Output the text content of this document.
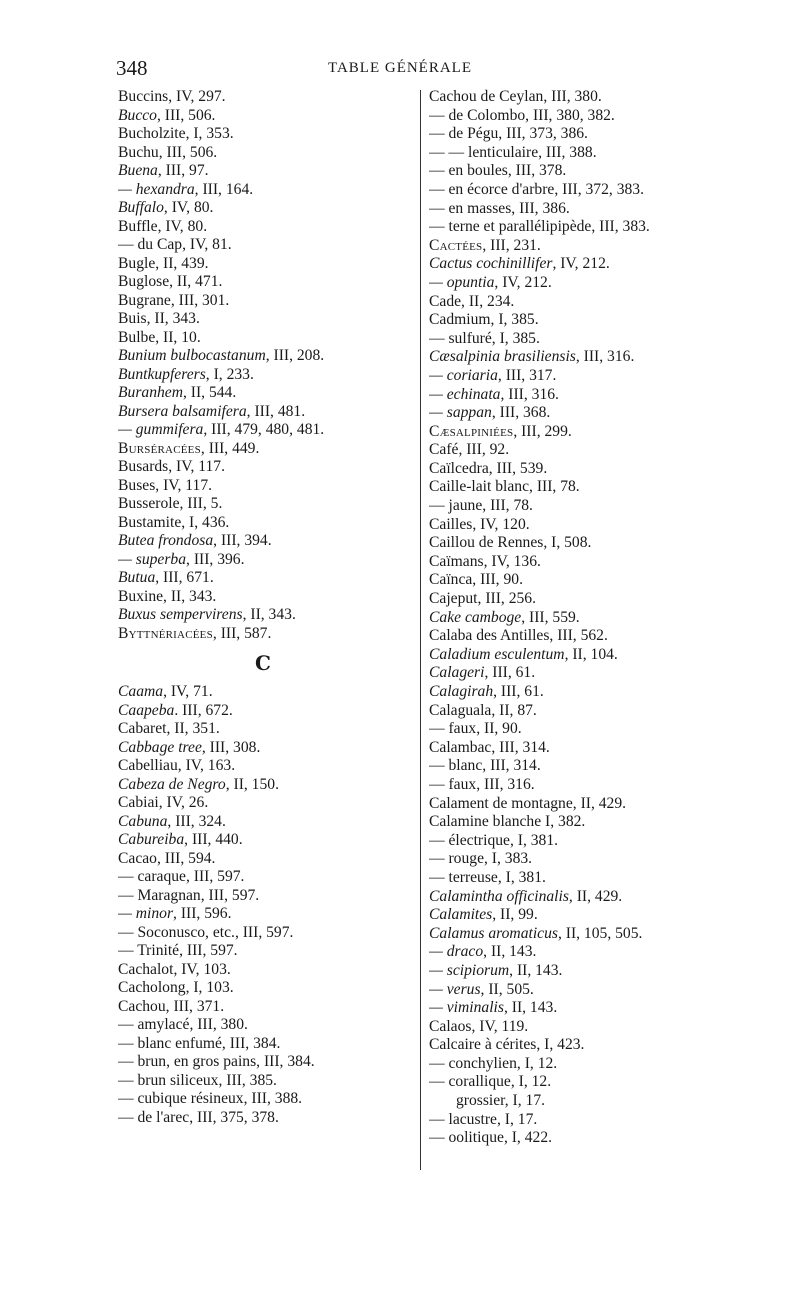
348	TABLE GÉNÉRALE
Buccins, IV, 297.
Bucco, III, 506.
Bucholzite, I, 353.
Buchu, III, 506.
Buena, III, 97.
— hexandra, III, 164.
Buffalo, IV, 80.
Buffle, IV, 80.
— du Cap, IV, 81.
Bugle, II, 439.
Buglose, II, 471.
Bugrane, III, 301.
Buis, II, 343.
Bulbe, II, 10.
Bunium bulbocastanum, III, 208.
Buntkupferers, I, 233.
Buranhem, II, 544.
Bursera balsamifera, III, 481.
— gummifera, III, 479, 480, 481.
Burséracées, III, 449.
Busards, IV, 117.
Buses, IV, 117.
Busserole, III, 5.
Bustamite, I, 436.
Butea frondosa, III, 394.
— superba, III, 396.
Butua, III, 671.
Buxine, II, 343.
Buxus sempervirens, II, 343.
Byttnériacées, III, 587.
C
Caama, IV, 71.
Caapeba. III, 672.
Cabaret, II, 351.
Cabbage tree, III, 308.
Cabelliau, IV, 163.
Cabeza de Negro, II, 150.
Cabiai, IV, 26.
Cabuna, III, 324.
Cabureiba, III, 440.
Cacao, III, 594.
— caraque, III, 597.
— Maragnan, III, 597.
— minor, III, 596.
— Soconusco, etc., III, 597.
— Trinité, III, 597.
Cachalot, IV, 103.
Cacholong, I, 103.
Cachou, III, 371.
— amylacé, III, 380.
— blanc enfumé, III, 384.
— brun, en gros pains, III, 384.
— brun siliceux, III, 385.
— cubique résineux, III, 388.
— de l'arec, III, 375, 378.
Cachou de Ceylan, III, 380.
— de Colombo, III, 380, 382.
— de Pégu, III, 373, 386.
— — lenticulaire, III, 388.
— en boules, III, 378.
— en écorce d'arbre, III, 372, 383.
— en masses, III, 386.
— terne et parallélipipède, III, 383.
Cactées, III, 231.
Cactus cochinillifer, IV, 212.
— opuntia, IV, 212.
Cade, II, 234.
Cadmium, I, 385.
— sulfuré, I, 385.
Cæsalpinia brasiliensis, III, 316.
— coriaria, III, 317.
— echinata, III, 316.
— sappan, III, 368.
Cæsalpiniées, III, 299.
Café, III, 92.
Caïlcedra, III, 539.
Caille-lait blanc, III, 78.
— jaune, III, 78.
Cailles, IV, 120.
Caillou de Rennes, I, 508.
Caïmans, IV, 136.
Caïnca, III, 90.
Cajeput, III, 256.
Cake camboge, III, 559.
Calaba des Antilles, III, 562.
Caladium esculentum, II, 104.
Calageri, III, 61.
Calagirah, III, 61.
Calaguala, II, 87.
— faux, II, 90.
Calambac, III, 314.
— blanc, III, 314.
— faux, III, 316.
Calament de montagne, II, 429.
Calamine blanche I, 382.
— électrique, I, 381.
— rouge, I, 383.
— terreuse, I, 381.
Calamintha officinalis, II, 429.
Calamites, II, 99.
Calamus aromaticus, II, 105, 505.
— draco, II, 143.
— scipiorum, II, 143.
— verus, II, 505.
— viminalis, II, 143.
Calaos, IV, 119.
Calcaire à cérites, I, 423.
— conchylien, I, 12.
— corallique, I, 12.
grossier, I, 17.
— lacustre, I, 17.
— oolitique, I, 422.
